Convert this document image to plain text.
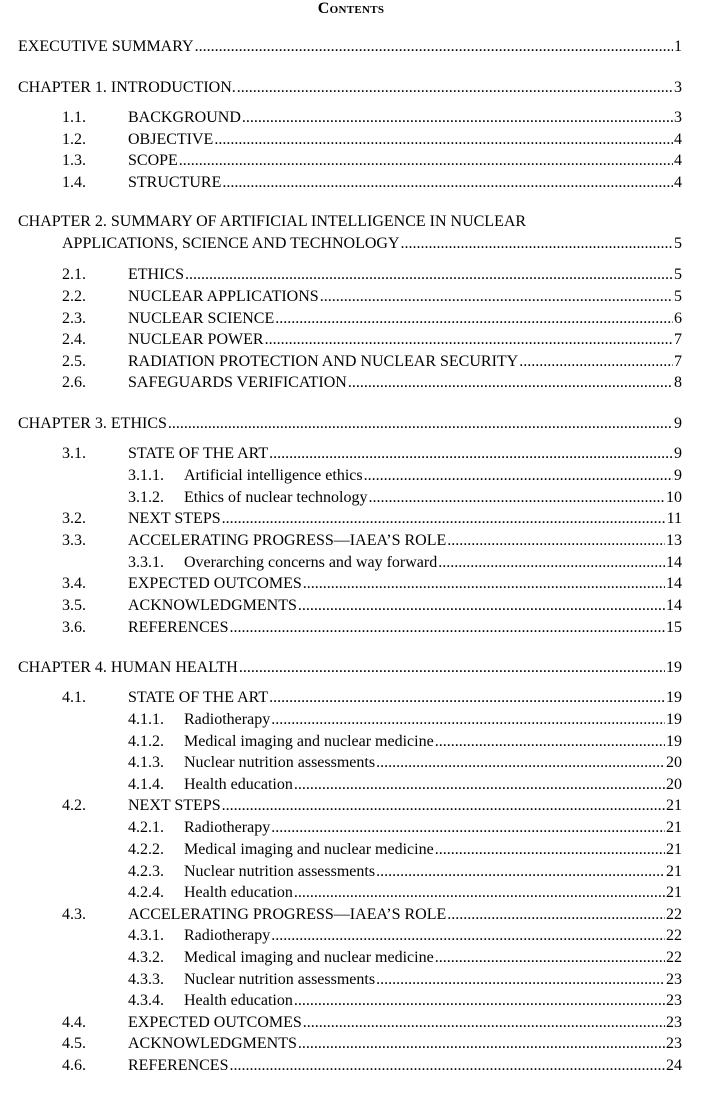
Contents
EXECUTIVE SUMMARY .....	1
CHAPTER 1. INTRODUCTION. .....	3
1.1.	BACKGROUND .....	3
1.2.	OBJECTIVE .....	4
1.3.	SCOPE .....	4
1.4.	STRUCTURE .....	4
CHAPTER 2. SUMMARY OF ARTIFICIAL INTELLIGENCE IN NUCLEAR
APPLICATIONS, SCIENCE AND TECHNOLOGY .....	5
2.1.	ETHICS .....	5
2.2.	NUCLEAR APPLICATIONS .....	5
2.3.	NUCLEAR SCIENCE .....	6
2.4.	NUCLEAR POWER .....	7
2.5.	RADIATION PROTECTION AND NUCLEAR SECURITY .....	7
2.6.	SAFEGUARDS VERIFICATION .....	8
CHAPTER 3. ETHICS .....	9
3.1.	STATE OF THE ART .....	9
3.1.1.	Artificial intelligence ethics .....	9
3.1.2.	Ethics of nuclear technology .....	10
3.2.	NEXT STEPS .....	11
3.3.	ACCELERATING PROGRESS—IAEA’S ROLE .....	13
3.3.1.	Overarching concerns and way forward .....	14
3.4.	EXPECTED OUTCOMES .....	14
3.5.	ACKNOWLEDGMENTS .....	14
3.6.	REFERENCES .....	15
CHAPTER 4. HUMAN HEALTH .....	19
4.1.	STATE OF THE ART .....	19
4.1.1.	Radiotherapy .....	19
4.1.2.	Medical imaging and nuclear medicine .....	19
4.1.3.	Nuclear nutrition assessments .....	20
4.1.4.	Health education .....	20
4.2.	NEXT STEPS .....	21
4.2.1.	Radiotherapy .....	21
4.2.2.	Medical imaging and nuclear medicine .....	21
4.2.3.	Nuclear nutrition assessments .....	21
4.2.4.	Health education .....	21
4.3.	ACCELERATING PROGRESS—IAEA’S ROLE .....	22
4.3.1.	Radiotherapy .....	22
4.3.2.	Medical imaging and nuclear medicine .....	22
4.3.3.	Nuclear nutrition assessments .....	23
4.3.4.	Health education .....	23
4.4.	EXPECTED OUTCOMES .....	23
4.5.	ACKNOWLEDGMENTS .....	23
4.6.	REFERENCES .....	24
